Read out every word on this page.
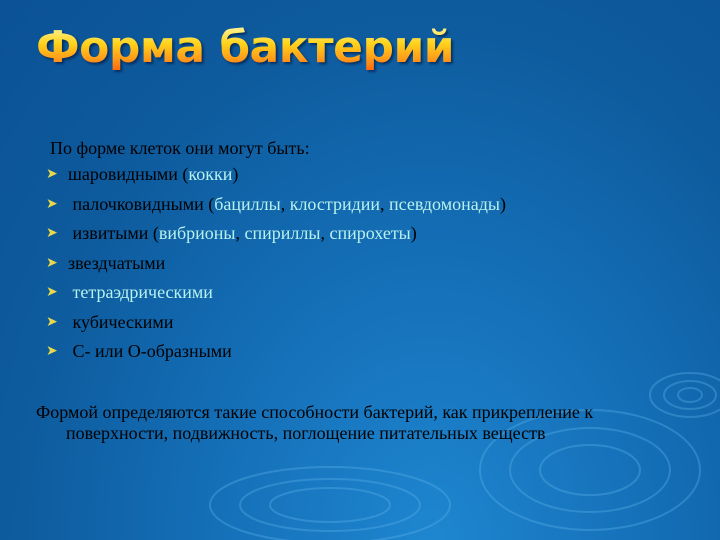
Форма бактерий
По форме клеток они могут быть:
➤ шаровидными (кокки)
➤ палочковидными (бациллы, клостридии, псевдомонады)
➤ извитыми (вибрионы, спириллы, спирохеты)
➤ звездчатыми
➤ тетраэдрическими
➤ кубическими
➤ С- или О-образными

Формой определяются такие способности бактерий, как прикрепление к поверхности, подвижность, поглощение питательных веществ
